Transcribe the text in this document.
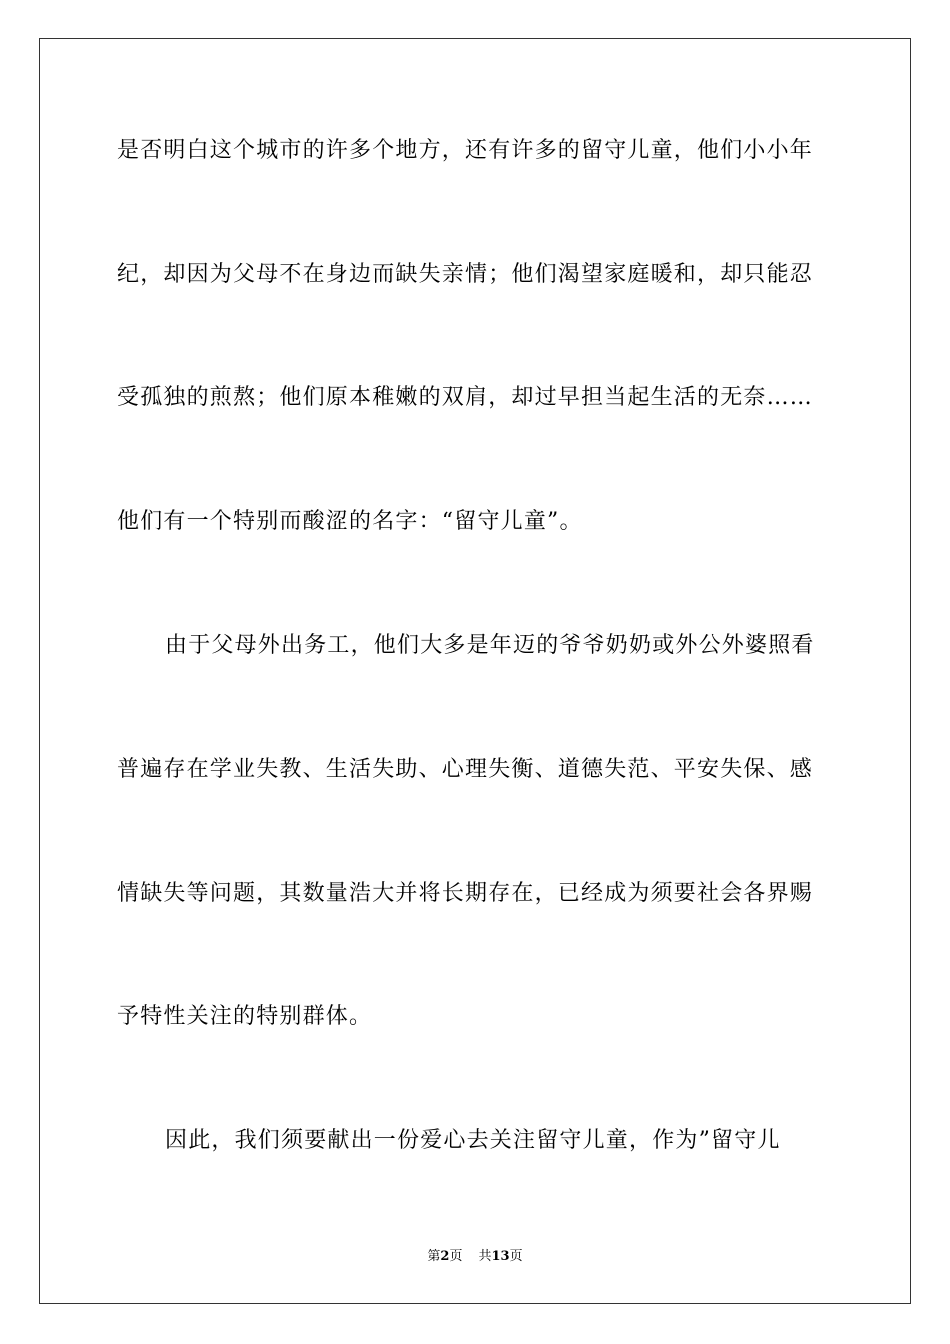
是否明白这个城市的许多个地方，还有许多的留守儿童，他们小小年
纪，却因为父母不在身边而缺失亲情；他们渴望家庭暖和，却只能忍
受孤独的煎熬；他们原本稚嫩的双肩，却过早担当起生活的无奈……
他们有一个特别而酸涩的名字：“留守儿童”。
由于父母外出务工，他们大多是年迈的爷爷奶奶或外公外婆照看
普遍存在学业失教、生活失助、心理失衡、道德失范、平安失保、感
情缺失等问题，其数量浩大并将长期存在，已经成为须要社会各界赐
予特性关注的特别群体。
因此，我们须要献出一份爱心去关注留守儿童，作为”留守儿
第2页 共13页
